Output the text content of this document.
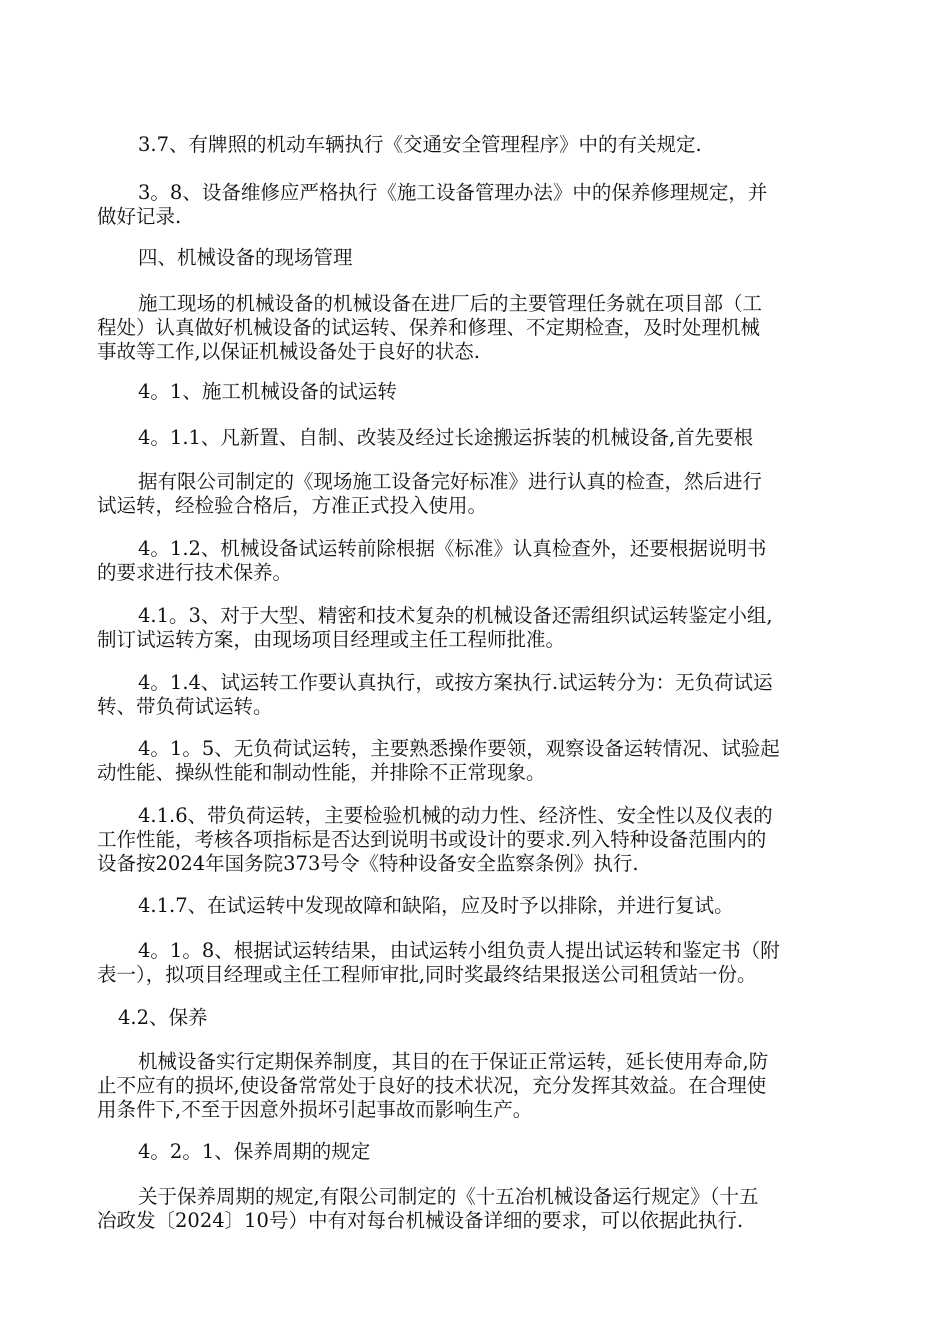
3.7、有牌照的机动车辆执行《交通安全管理程序》中的有关规定.

3。8、设备维修应严格执行《施工设备管理办法》中的保养修理规定，并
做好记录.

四、机械设备的现场管理

施工现场的机械设备的机械设备在进厂后的主要管理任务就在项目部（工
程处）认真做好机械设备的试运转、保养和修理、不定期检查，及时处理机械
事故等工作,以保证机械设备处于良好的状态.

4。1、施工机械设备的试运转

4。1.1、凡新置、自制、改装及经过长途搬运拆装的机械设备,首先要根

据有限公司制定的《现场施工设备完好标准》进行认真的检查，然后进行
试运转，经检验合格后，方准正式投入使用。

4。1.2、机械设备试运转前除根据《标准》认真检查外，还要根据说明书
的要求进行技术保养。

4.1。3、对于大型、精密和技术复杂的机械设备还需组织试运转鉴定小组,
制订试运转方案，由现场项目经理或主任工程师批准。

4。1.4、试运转工作要认真执行，或按方案执行.试运转分为：无负荷试运
转、带负荷试运转。

4。1。5、无负荷试运转，主要熟悉操作要领，观察设备运转情况、试验起
动性能、操纵性能和制动性能，并排除不正常现象。

4.1.6、带负荷运转，主要检验机械的动力性、经济性、安全性以及仪表的
工作性能，考核各项指标是否达到说明书或设计的要求.列入特种设备范围内的
设备按2024年国务院373号令《特种设备安全监察条例》执行.

4.1.7、在试运转中发现故障和缺陷，应及时予以排除，并进行复试。

4。1。8、根据试运转结果，由试运转小组负责人提出试运转和鉴定书（附
表一），拟项目经理或主任工程师审批,同时奖最终结果报送公司租赁站一份。

4.2、保养

机械设备实行定期保养制度，其目的在于保证正常运转，延长使用寿命,防
止不应有的损坏,使设备常常处于良好的技术状况，充分发挥其效益。在合理使
用条件下,不至于因意外损坏引起事故而影响生产。

4。2。1、保养周期的规定

关于保养周期的规定,有限公司制定的《十五冶机械设备运行规定》（十五
冶政发〔2024〕10号）中有对每台机械设备详细的要求，可以依据此执行.
